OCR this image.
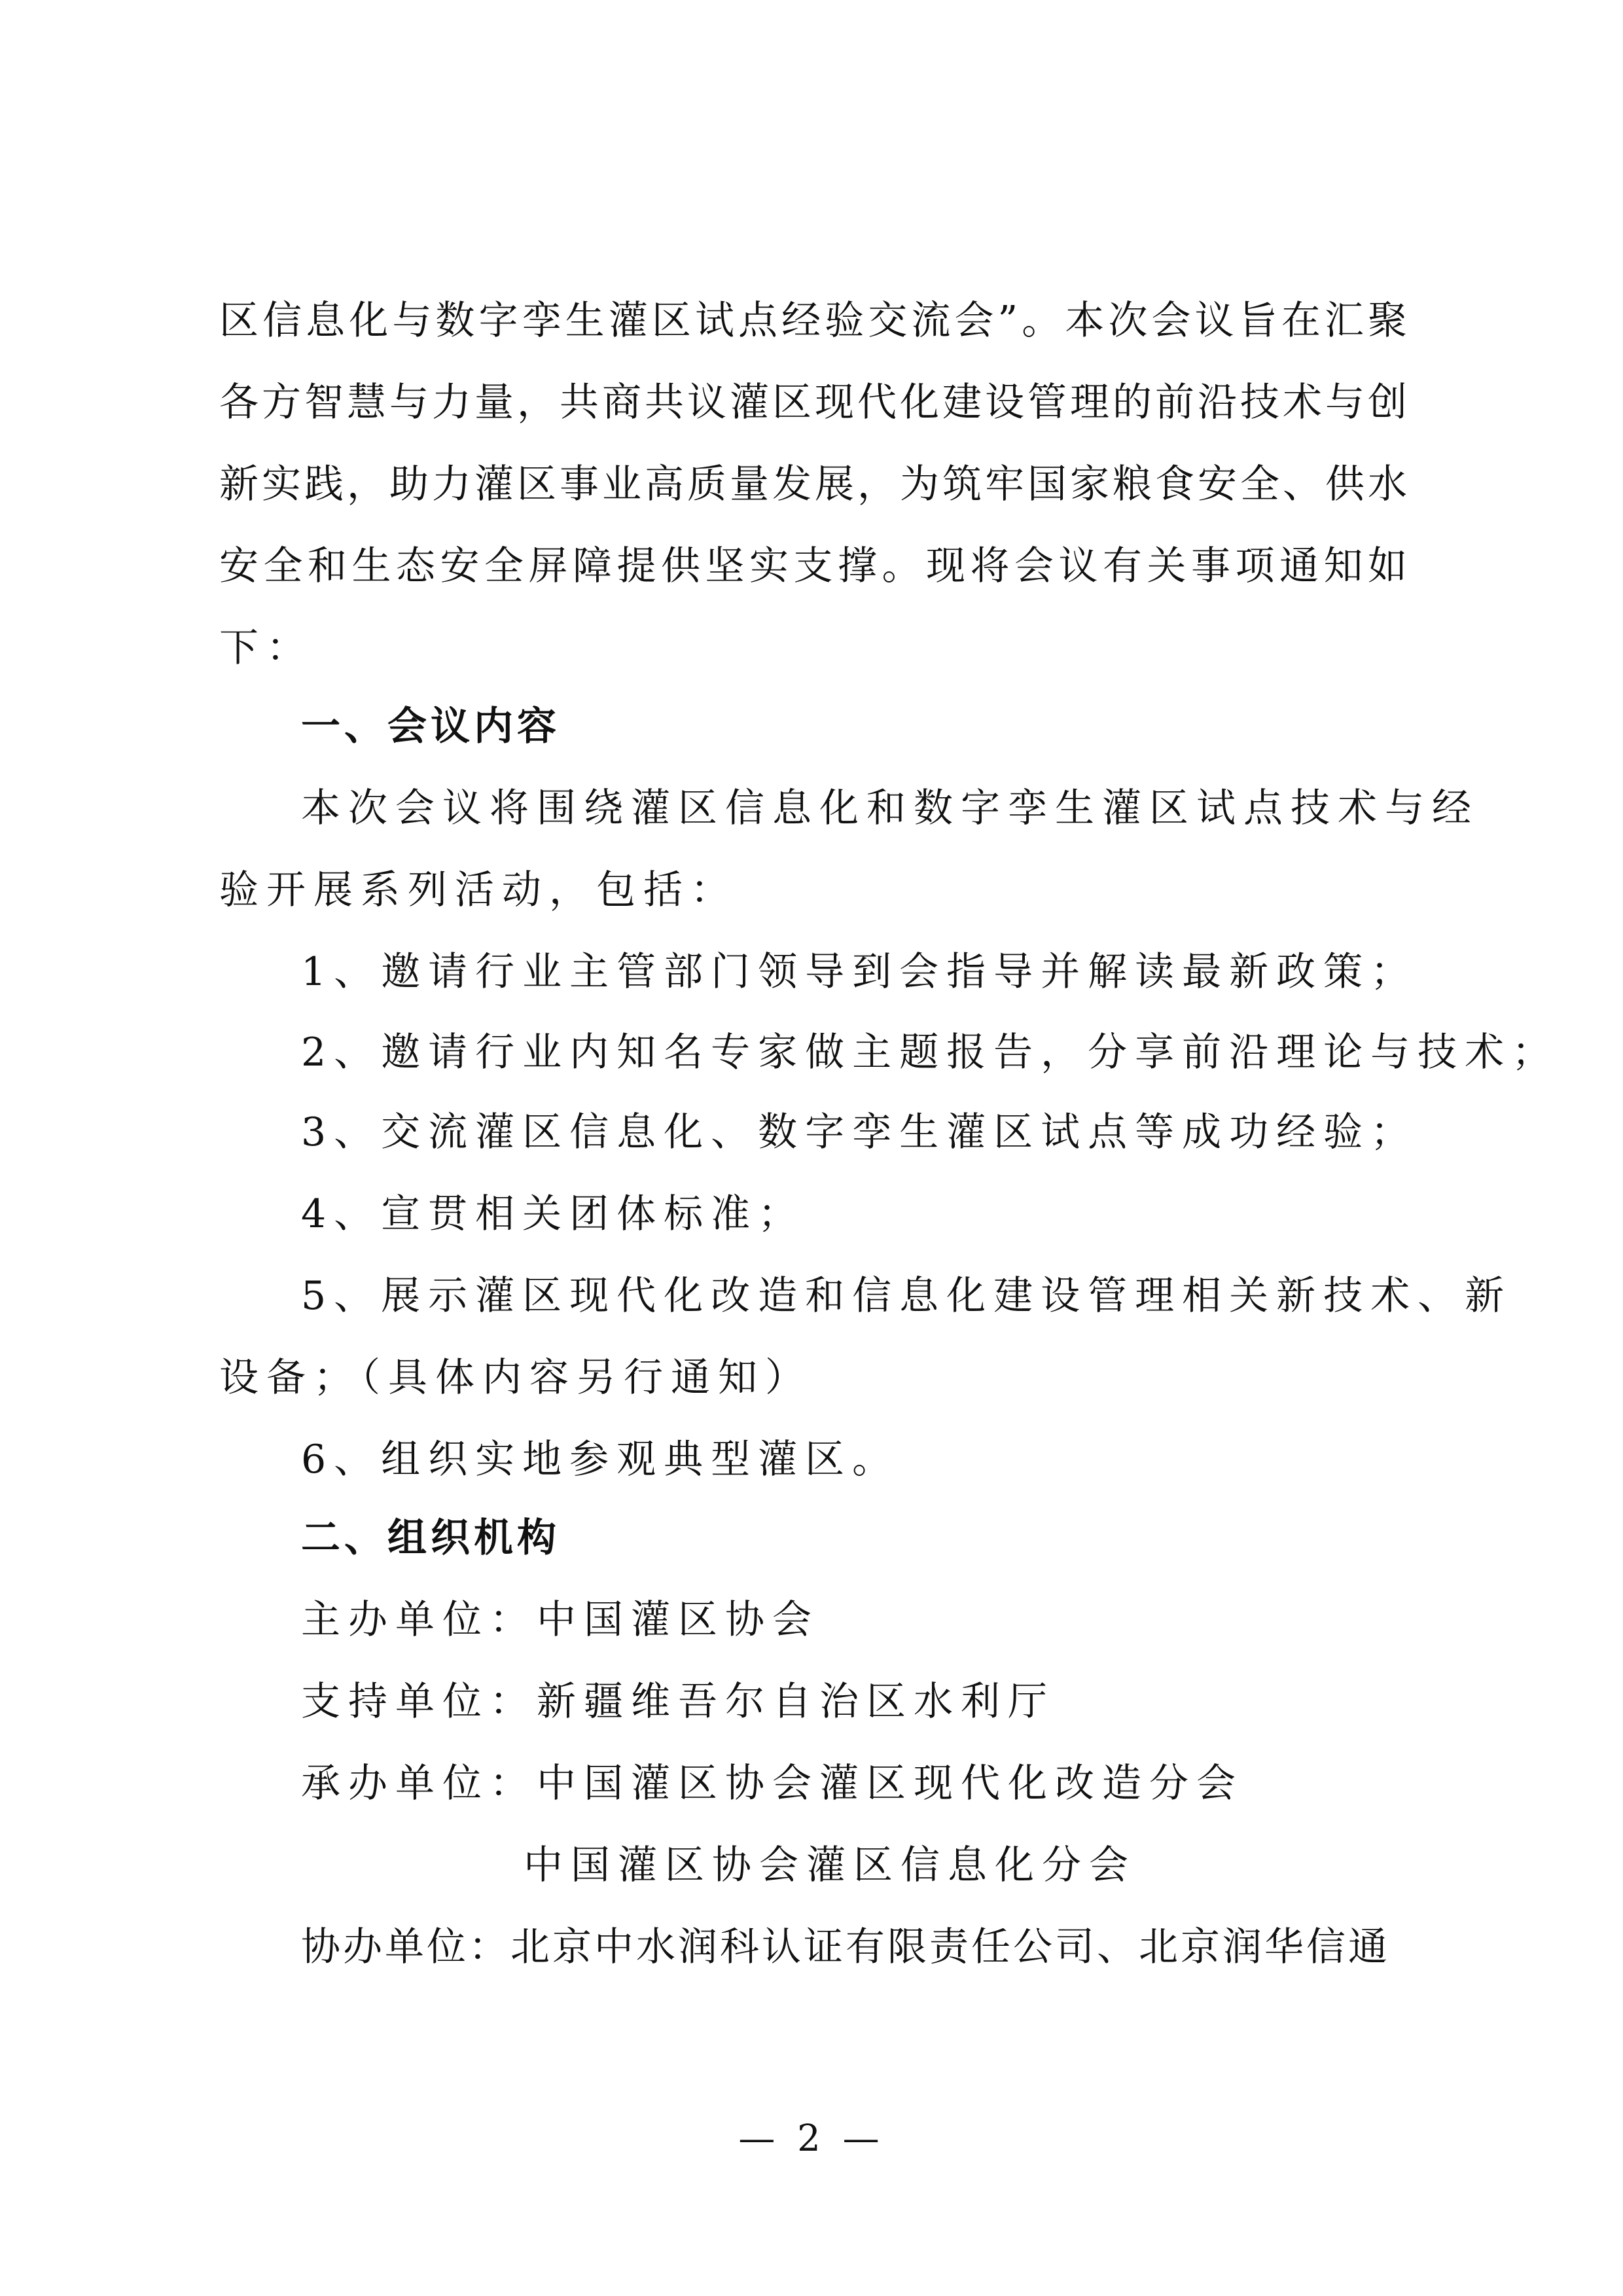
区信息化与数字孪生灌区试点经验交流会”。本次会议旨在汇聚
各方智慧与力量，共商共议灌区现代化建设管理的前沿技术与创
新实践，助力灌区事业高质量发展，为筑牢国家粮食安全、供水
安全和生态安全屏障提供坚实支撑。现将会议有关事项通知如
下：
一、会议内容
本次会议将围绕灌区信息化和数字孪生灌区试点技术与经
验开展系列活动，包括：
1、邀请行业主管部门领导到会指导并解读最新政策；
2、邀请行业内知名专家做主题报告，分享前沿理论与技术；
3、交流灌区信息化、数字孪生灌区试点等成功经验；
4、宣贯相关团体标准；
5、展示灌区现代化改造和信息化建设管理相关新技术、新
设备；（具体内容另行通知）
6、组织实地参观典型灌区。
二、组织机构
主办单位：中国灌区协会
支持单位：新疆维吾尔自治区水利厅
承办单位：中国灌区协会灌区现代化改造分会
中国灌区协会灌区信息化分会
协办单位：北京中水润科认证有限责任公司、北京润华信通
— 2 —
